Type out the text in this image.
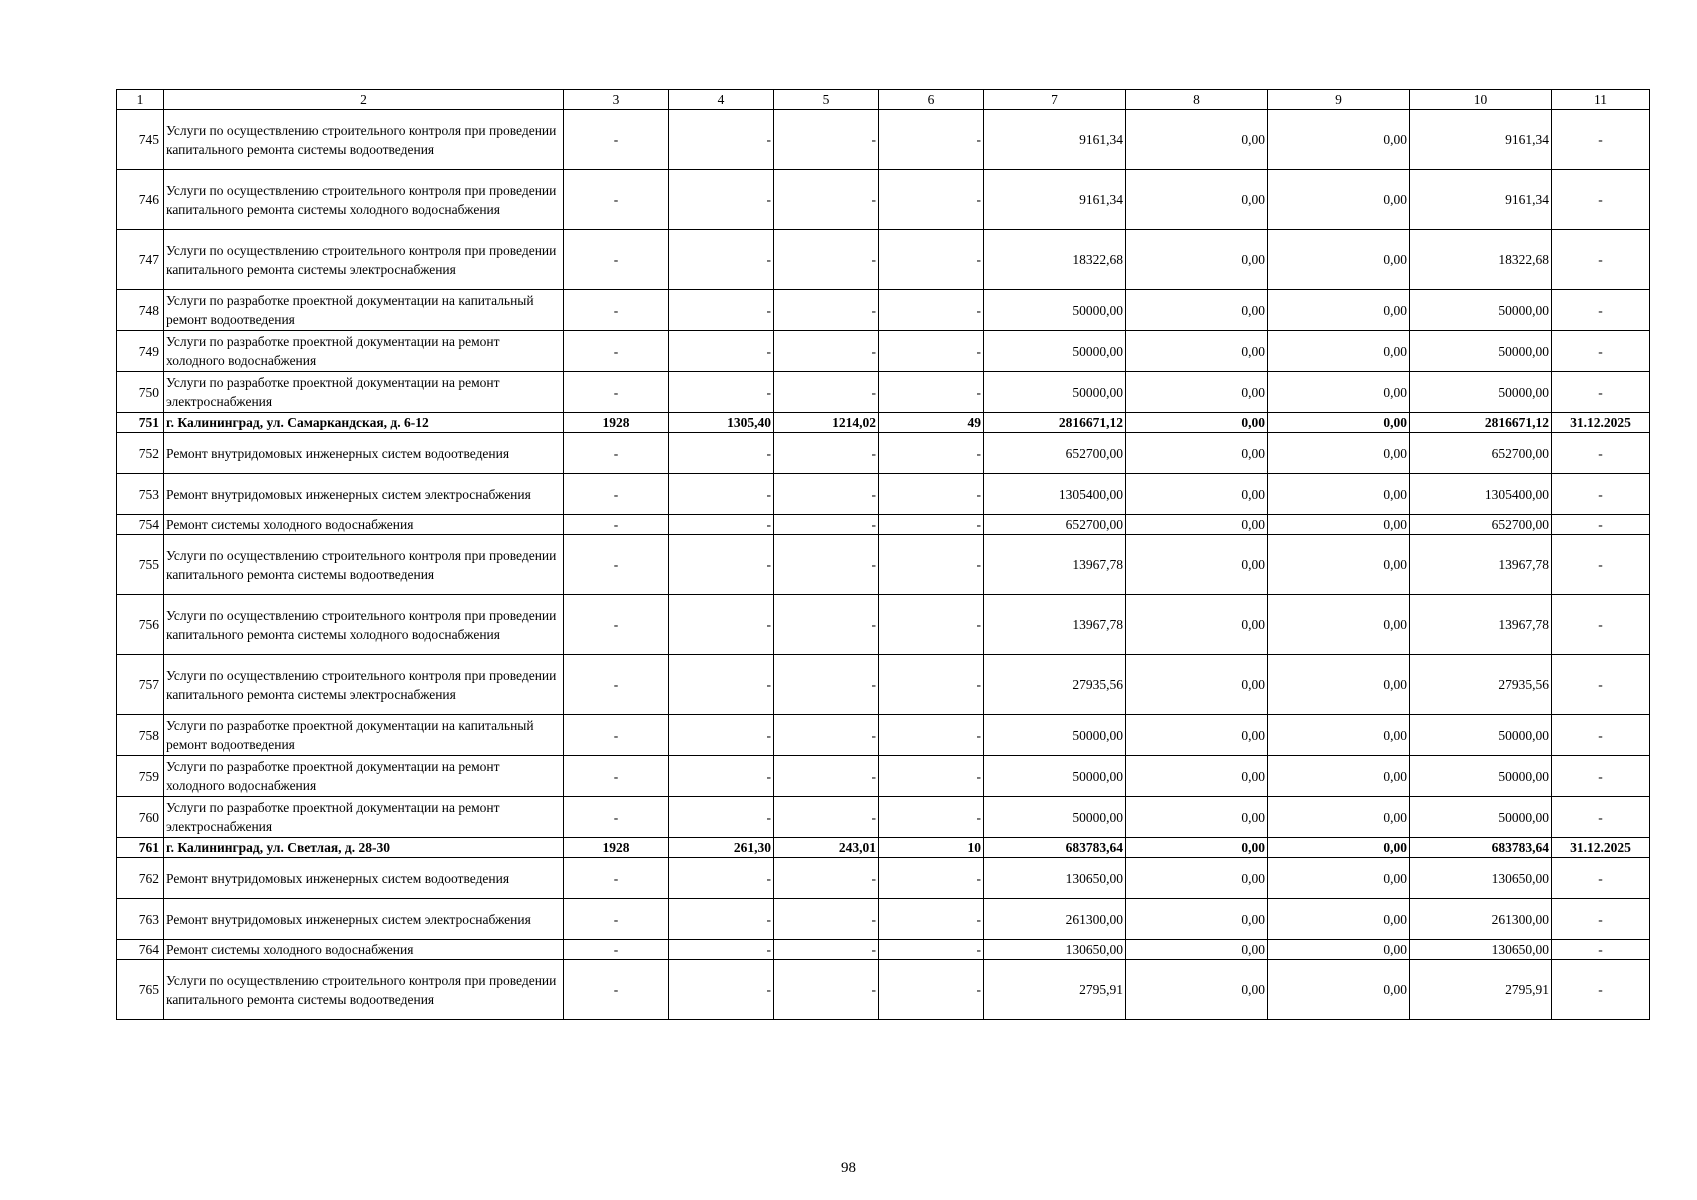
1	2	3	4	5	6	7	8	9	10	11
745	Услуги по осуществлению строительного контроля при проведении капитального ремонта системы водоотведения	-	-	-	-	9161,34	0,00	0,00	9161,34	-
746	Услуги по осуществлению строительного контроля при проведении капитального ремонта системы холодного водоснабжения	-	-	-	-	9161,34	0,00	0,00	9161,34	-
747	Услуги по осуществлению строительного контроля при проведении капитального ремонта системы электроснабжения	-	-	-	-	18322,68	0,00	0,00	18322,68	-
748	Услуги по разработке проектной документации на капитальный ремонт водоотведения	-	-	-	-	50000,00	0,00	0,00	50000,00	-
749	Услуги по разработке проектной документации на ремонт холодного водоснабжения	-	-	-	-	50000,00	0,00	0,00	50000,00	-
750	Услуги по разработке проектной документации на ремонт электроснабжения	-	-	-	-	50000,00	0,00	0,00	50000,00	-
751	г. Калининград, ул. Самаркандская, д. 6-12	1928	1305,40	1214,02	49	2816671,12	0,00	0,00	2816671,12	31.12.2025
752	Ремонт внутридомовых инженерных систем водоотведения	-	-	-	-	652700,00	0,00	0,00	652700,00	-
753	Ремонт внутридомовых инженерных систем электроснабжения	-	-	-	-	1305400,00	0,00	0,00	1305400,00	-
754	Ремонт системы холодного водоснабжения	-	-	-	-	652700,00	0,00	0,00	652700,00	-
755	Услуги по осуществлению строительного контроля при проведении капитального ремонта системы водоотведения	-	-	-	-	13967,78	0,00	0,00	13967,78	-
756	Услуги по осуществлению строительного контроля при проведении капитального ремонта системы холодного водоснабжения	-	-	-	-	13967,78	0,00	0,00	13967,78	-
757	Услуги по осуществлению строительного контроля при проведении капитального ремонта системы электроснабжения	-	-	-	-	27935,56	0,00	0,00	27935,56	-
758	Услуги по разработке проектной документации на капитальный ремонт водоотведения	-	-	-	-	50000,00	0,00	0,00	50000,00	-
759	Услуги по разработке проектной документации на ремонт холодного водоснабжения	-	-	-	-	50000,00	0,00	0,00	50000,00	-
760	Услуги по разработке проектной документации на ремонт электроснабжения	-	-	-	-	50000,00	0,00	0,00	50000,00	-
761	г. Калининград, ул. Светлая, д. 28-30	1928	261,30	243,01	10	683783,64	0,00	0,00	683783,64	31.12.2025
762	Ремонт внутридомовых инженерных систем водоотведения	-	-	-	-	130650,00	0,00	0,00	130650,00	-
763	Ремонт внутридомовых инженерных систем электроснабжения	-	-	-	-	261300,00	0,00	0,00	261300,00	-
764	Ремонт системы холодного водоснабжения	-	-	-	-	130650,00	0,00	0,00	130650,00	-
765	Услуги по осуществлению строительного контроля при проведении капитального ремонта системы водоотведения	-	-	-	-	2795,91	0,00	0,00	2795,91	-
98
